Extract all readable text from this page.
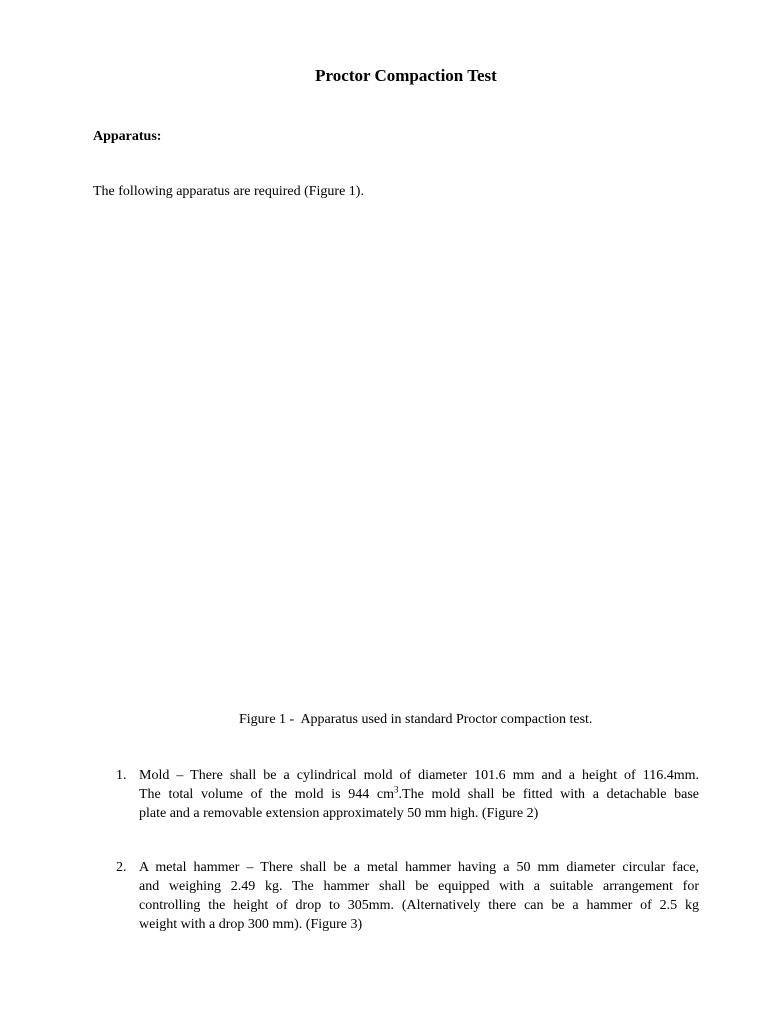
Proctor Compaction Test
Apparatus:
The following apparatus are required (Figure 1).
Figure 1 -  Apparatus used in standard Proctor compaction test.
1. Mold – There shall be a cylindrical mold of diameter 101.6 mm and a height of 116.4mm.
The total volume of the mold is 944 $cm^3.The$ mold shall be fitted with a detachable base
plate and a removable extension approximately 50 mm high. (Figure 2)
2. A metal hammer – There shall be a metal hammer having a 50 mm diameter circular face,
and weighing 2.49 kg. The hammer shall be equipped with a suitable arrangement for
controlling the height of drop to 305mm. (Alternatively there can be a hammer of 2.5 kg
weight with a drop 300 mm). (Figure 3)
